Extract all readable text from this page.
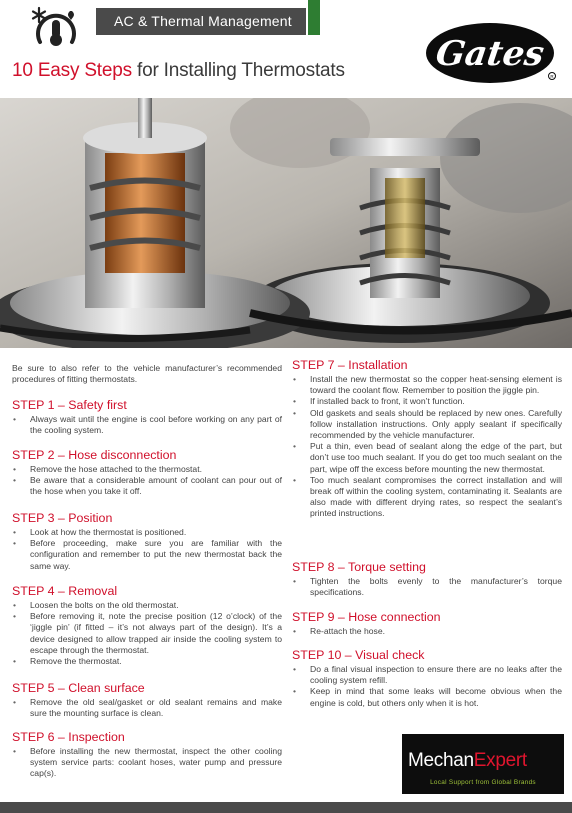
AC & Thermal Management
10 Easy Steps for Installing Thermostats	Gates
R

Be sure to also refer to the vehicle manufacturer’s recommended procedures of fitting thermostats.

STEP 1 – Safety first
• Always wait until the engine is cool before working on any part of the cooling system.
STEP 2 – Hose disconnection
• Remove the hose attached to the thermostat.
• Be aware that a considerable amount of coolant can pour out of the hose when you take it off.
STEP 3 – Position
• Look at how the thermostat is positioned.
• Before proceeding, make sure you are familiar with the configuration and remember to put the new thermostat back the same way.
STEP 4 – Removal
• Loosen the bolts on the old thermostat.
• Before removing it, note the precise position (12 o’clock) of the ‘jiggle pin’ (if fitted – it’s not always part of the design). It’s a device designed to allow trapped air inside the cooling system to escape through the thermostat.
• Remove the thermostat.
STEP 5 – Clean surface
• Remove the old seal/gasket or old sealant remains and make sure the mounting surface is clean.
STEP 6 – Inspection
• Before installing the new thermostat, inspect the other cooling system service parts: coolant hoses, water pump and pressure cap(s).
STEP 7 – Installation
• Install the new thermostat so the copper heat-sensing element is toward the coolant flow. Remember to position the jiggle pin.
• If installed back to front, it won’t function.
• Old gaskets and seals should be replaced by new ones. Carefully follow installation instructions. Only apply sealant if specifically recommended by the vehicle manufacturer.
• Put a thin, even bead of sealant along the edge of the part, but don’t use too much sealant. If you do get too much sealant on the part, wipe off the excess before mounting the new thermostat.
• Too much sealant compromises the correct installation and will break off within the cooling system, contaminating it. Sealants are also made with different drying rates, so respect the sealant’s printed instructions.
STEP 8 – Torque setting
• Tighten the bolts evenly to the manufacturer’s torque specifications.
STEP 9 – Hose connection
• Re-attach the hose.
STEP 10 – Visual check
• Do a final visual inspection to ensure there are no leaks after the cooling system refill.
• Keep in mind that some leaks will become obvious when the engine is cold, but others only when it is hot.
MechanExpert
Local Support from Global Brands
